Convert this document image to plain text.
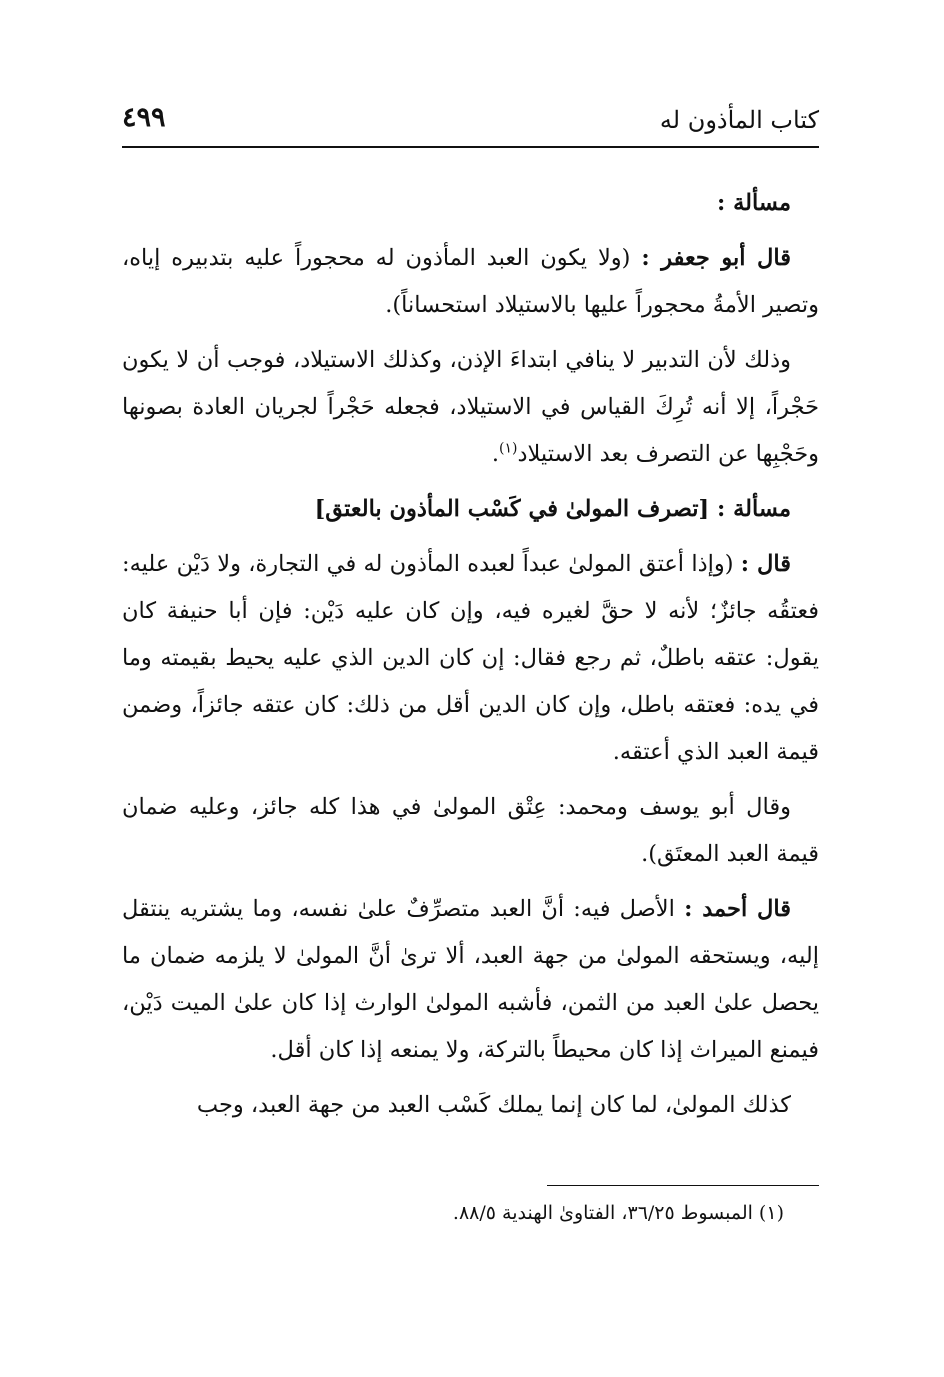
كتاب المأذون له
٤٩٩

مسألة :

قال أبو جعفر : (ولا يكون العبد المأذون له محجوراً عليه بتدبيره إياه، وتصير الأمةُ محجوراً عليها بالاستيلاد استحساناً).

وذلك لأن التدبير لا ينافي ابتداءَ الإذن، وكذلك الاستيلاد، فوجب أن لا يكون حَجْراً، إلا أنه تُرِكَ القياس في الاستيلاد، فجعله حَجْراً لجريان العادة بصونها وحَجْبِها عن التصرف بعد الاستيلاد$^{(١)}$.

مسألة : [تصرف المولىٰ في كَسْب المأذون بالعتق]

قال : (وإذا أعتق المولىٰ عبداً لعبده المأذون له في التجارة، ولا دَيْن عليه: فعتقُه جائزٌ؛ لأنه لا حقَّ لغيره فيه، وإن كان عليه دَيْن: فإن أبا حنيفة كان يقول: عتقه باطلٌ، ثم رجع فقال: إن كان الدين الذي عليه يحيط بقيمته وما في يده: فعتقه باطل، وإن كان الدين أقل من ذلك: كان عتقه جائزاً، وضمن قيمة العبد الذي أعتقه.

وقال أبو يوسف ومحمد: عِتْق المولىٰ في هذا كله جائز، وعليه ضمان قيمة العبد المعتَق).

قال أحمد : الأصل فيه: أنَّ العبد متصرِّفٌ علىٰ نفسه، وما يشتريه ينتقل إليه، ويستحقه المولىٰ من جهة العبد، ألا ترىٰ أنَّ المولىٰ لا يلزمه ضمان ما يحصل علىٰ العبد من الثمن، فأشبه المولىٰ الوارث إذا كان علىٰ الميت دَيْن، فيمنع الميراث إذا كان محيطاً بالتركة، ولا يمنعه إذا كان أقل.

كذلك المولىٰ، لما كان إنما يملك كَسْب العبد من جهة العبد، وجب

(١) المبسوط ٣٦/٢٥، الفتاوىٰ الهندية ٨٨/٥.
